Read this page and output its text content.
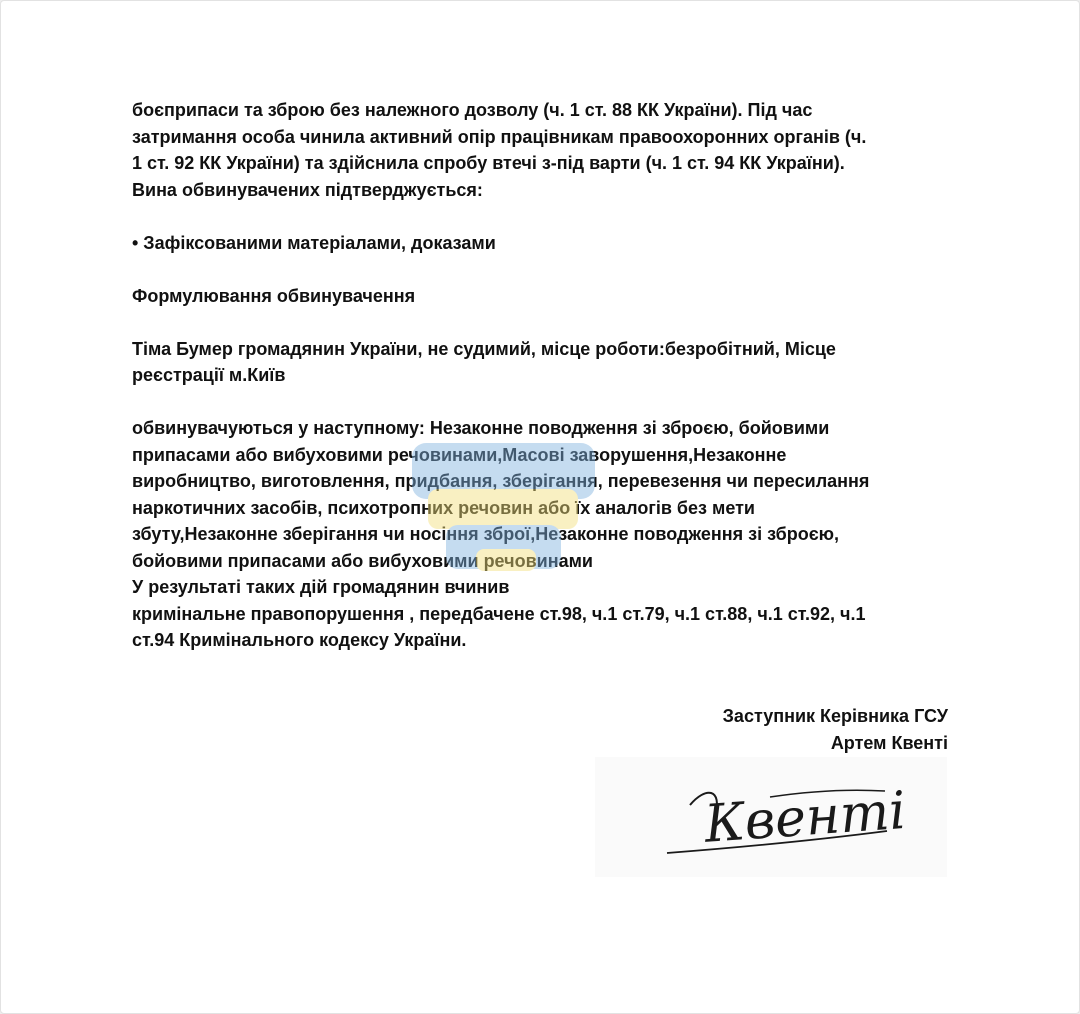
боєприпаси та зброю без належного дозволу (ч. 1 ст. 88 КК України). Під час

затримання особа чинила активний опір працівникам правоохоронних органів (ч.

1 ст. 92 КК України) та здійснила спробу втечі з-під варти (ч. 1 ст. 94 КК України).

Вина обвинувачених підтверджується:

• Зафіксованими матеріалами, доказами

Формулювання обвинувачення

Тіма Бумер громадянин України, не судимий, місце роботи:безробітний, Місце

реєстрації м.Київ

обвинувачуються у наступному: Незаконне поводження зі зброєю, бойовими

припасами або вибуховими речовинами,Масові заворушення,Незаконне

виробництво, виготовлення, придбання, зберігання, перевезення чи пересилання

наркотичних засобів, психотропних речовин або їх аналогів без мети

збуту,Незаконне зберігання чи носіння зброї,Незаконне поводження зі зброєю,

бойовими припасами або вибуховими речовинами

У результаті таких дій громадянин вчинив

кримінальне правопорушення , передбачене ст.98, ч.1 ст.79, ч.1 ст.88, ч.1 ст.92, ч.1

ст.94 Кримінального кодексу України.

Заступник Керівника ГСУ
Артем Квенті
Квенті
